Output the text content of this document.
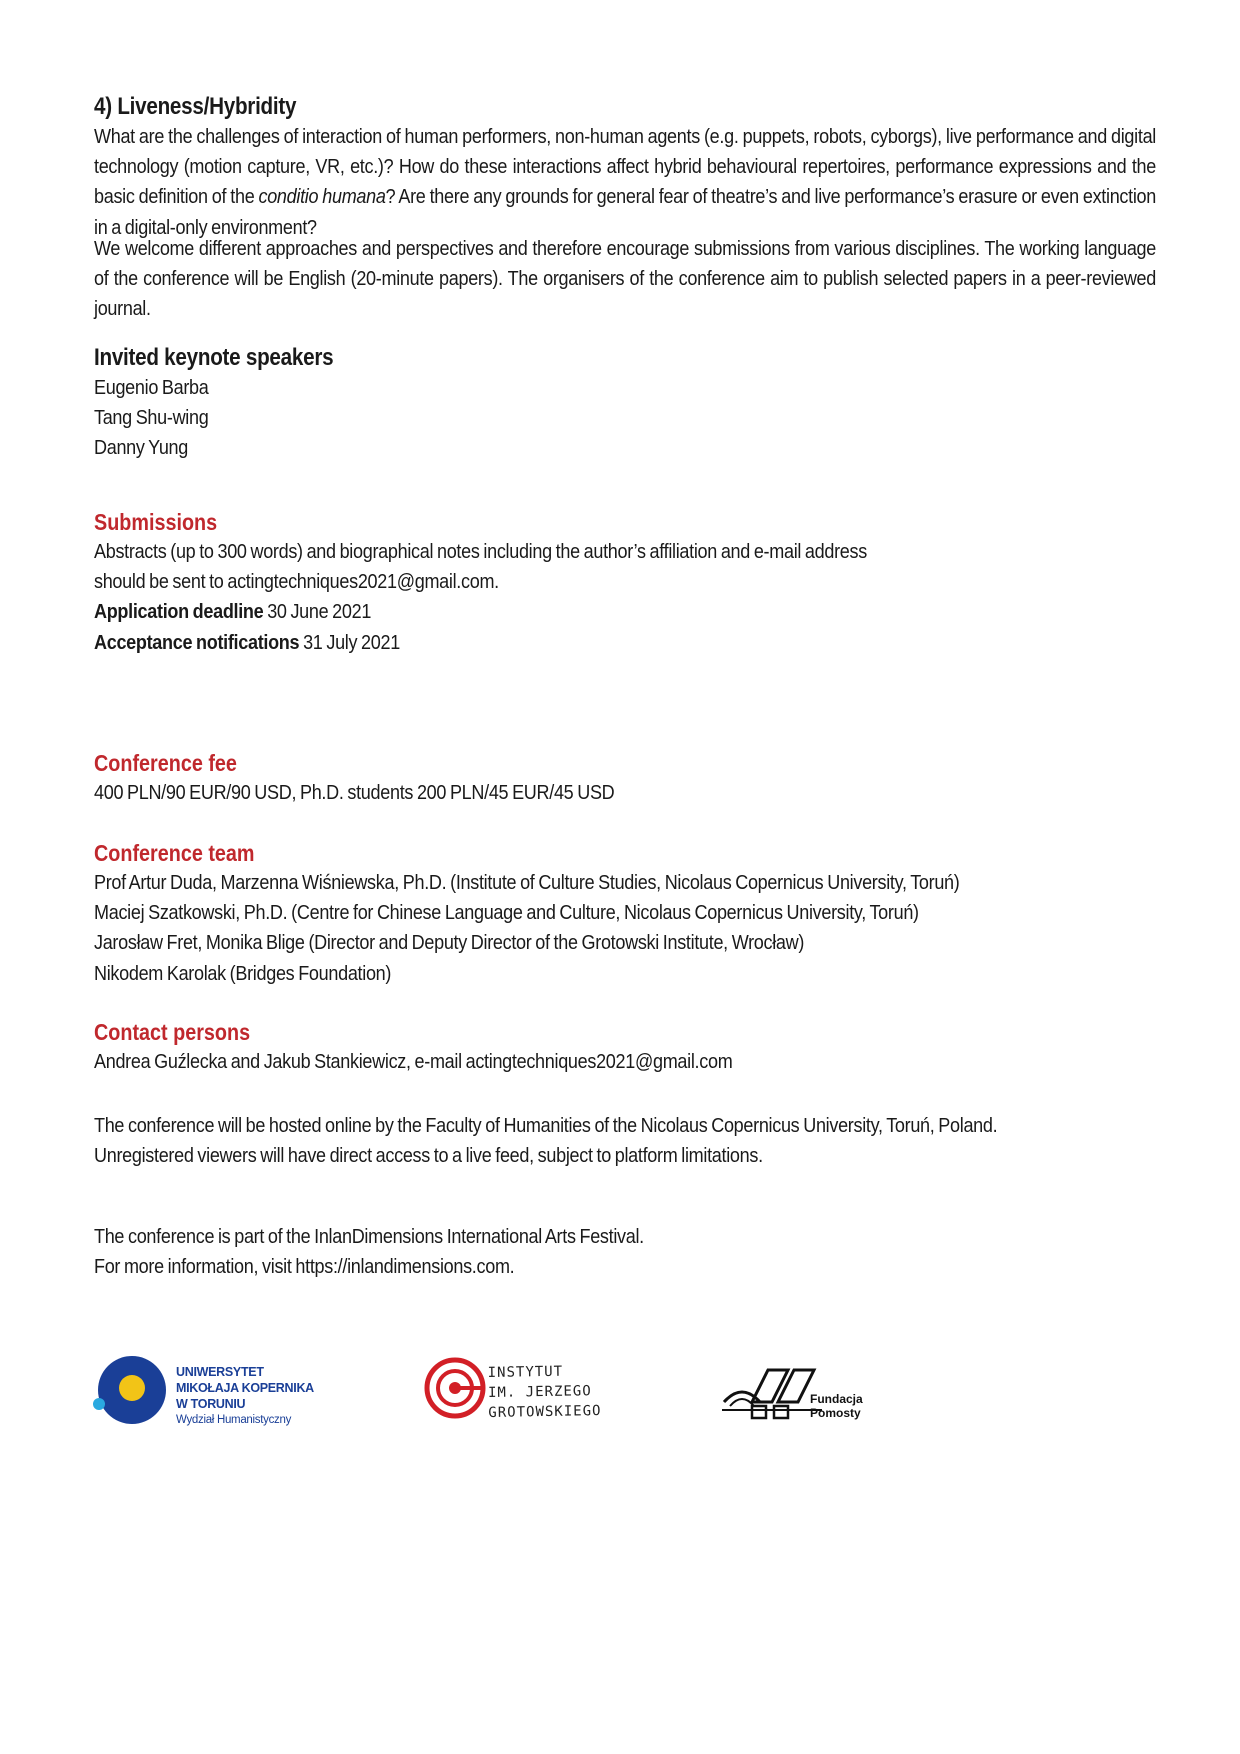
4) Liveness/Hybridity

What are the challenges of interaction of human performers, non-human agents (e.g. puppets, robots, cyborgs), live performance and digital technology (motion capture, VR, etc.)? How do these interactions affect hybrid behavioural repertoires, performance expressions and the basic definition of the conditio humana? Are there any grounds for general fear of theatre’s and live performance’s erasure or even extinction in a digital-only environment?

We welcome different approaches and perspectives and therefore encourage submissions from various disciplines. The working language of the conference will be English (20-minute papers). The organisers of the conference aim to publish selected papers in a peer-reviewed journal.

Invited keynote speakers
Eugenio Barba
Tang Shu-wing
Danny Yung
Submissions
Abstracts (up to 300 words) and biographical notes including the author’s affiliation and e-mail address
should be sent to actingtechniques2021@gmail.com.
Application deadline 30 June 2021
Acceptance notifications 31 July 2021
Conference fee
400 PLN/90 EUR/90 USD, Ph.D. students 200 PLN/45 EUR/45 USD
Conference team
Prof Artur Duda, Marzenna Wiśniewska, Ph.D. (Institute of Culture Studies, Nicolaus Copernicus University, Toruń)
Maciej Szatkowski, Ph.D. (Centre for Chinese Language and Culture, Nicolaus Copernicus University, Toruń)
Jarosław Fret, Monika Blige (Director and Deputy Director of the Grotowski Institute, Wrocław)
Nikodem Karolak (Bridges Foundation)
Contact persons
Andrea Guźlecka and Jakub Stankiewicz, e-mail actingtechniques2021@gmail.com
The conference will be hosted online by the Faculty of Humanities of the Nicolaus Copernicus University, Toruń, Poland.
Unregistered viewers will have direct access to a live feed, subject to platform limitations.
The conference is part of the InlanDimensions International Arts Festival.
For more information, visit https://inlandimensions.com.
UNIWERSYTET
MIKOŁAJA KOPERNIKA
W TORUNIU
Wydział Humanistyczny
INSTYTUT
IM. JERZEGO
GROTOWSKIEGO
Fundacja
Pomosty
